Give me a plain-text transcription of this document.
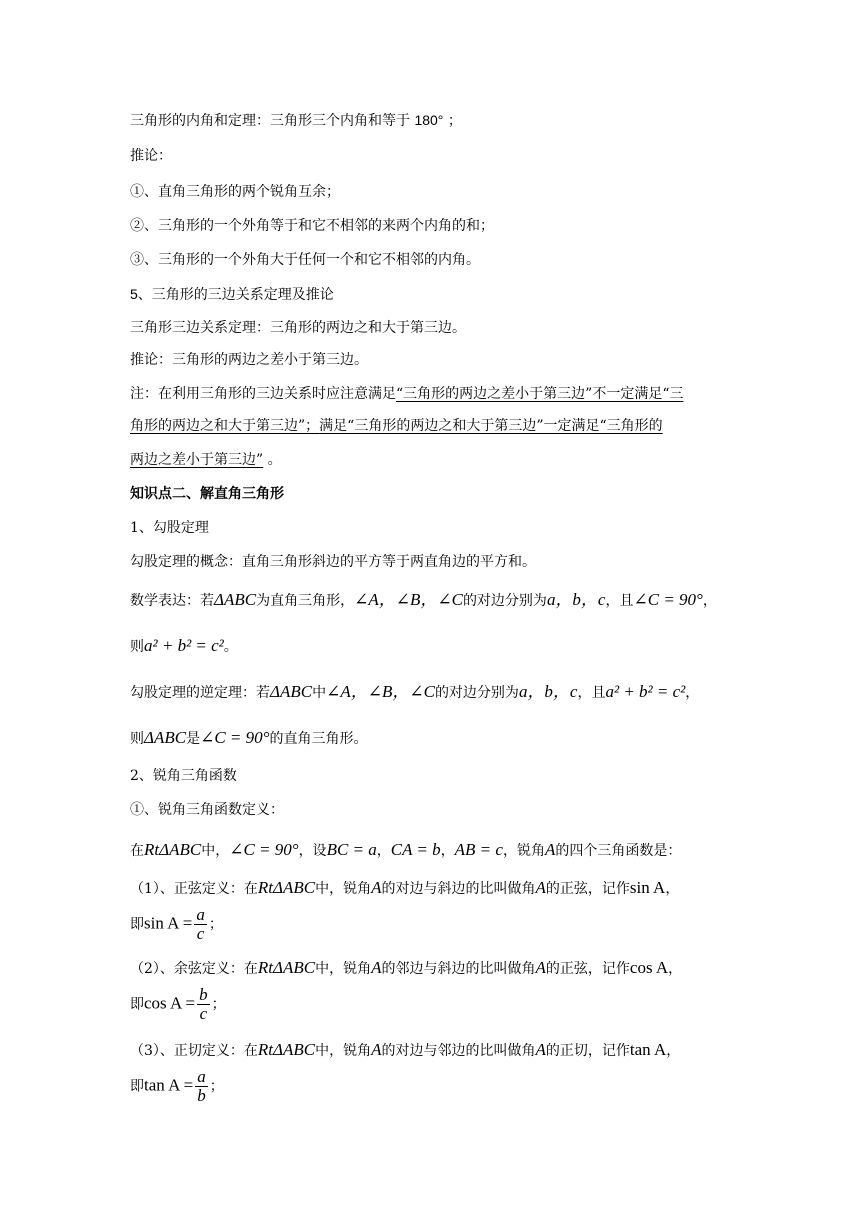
三角形的内角和定理：三角形三个内角和等于 180° ；
推论：
①、直角三角形的两个锐角互余；
②、三角形的一个外角等于和它不相邻的来两个内角的和；
③、三角形的一个外角大于任何一个和它不相邻的内角。
5、三角形的三边关系定理及推论
三角形三边关系定理：三角形的两边之和大于第三边。
推论：三角形的两边之差小于第三边。
注：在利用三角形的三边关系时应注意满足“三角形的两边之差小于第三边”不一定满足“三
角形的两边之和大于第三边”；满足“三角形的两边之和大于第三边”一定满足“三角形的
两边之差小于第三边” 。
知识点二、解直角三角形
1、勾股定理
勾股定理的概念：直角三角形斜边的平方等于两直角边的平方和。
数学表达：若ΔABC为直角三角形，∠A，∠B，∠C的对边分别为a，b，c，且∠C = 90°，
则a² + b² = c²。
勾股定理的逆定理：若ΔABC中∠A，∠B，∠C的对边分别为a，b，c，且a² + b² = c²，
则ΔABC是∠C = 90°的直角三角形。
2、锐角三角函数
①、锐角三角函数定义：
在RtΔABC中，∠C = 90°，设BC = a，CA = b，AB = c，锐角A的四个三角函数是：
（1）、正弦定义：在RtΔABC中，锐角A的对边与斜边的比叫做角A的正弦，记作sin A，
即$\sin A = \frac{a}{c}$ ；
（2）、余弦定义：在RtΔABC中，锐角A的邻边与斜边的比叫做角A的正弦，记作cos A，
即$\cos A = \frac{b}{c}$ ；
（3）、正切定义：在RtΔABC中，锐角A的对边与邻边的比叫做角A的正切，记作tan A，
即$\tan A = \frac{a}{b}$ ；
